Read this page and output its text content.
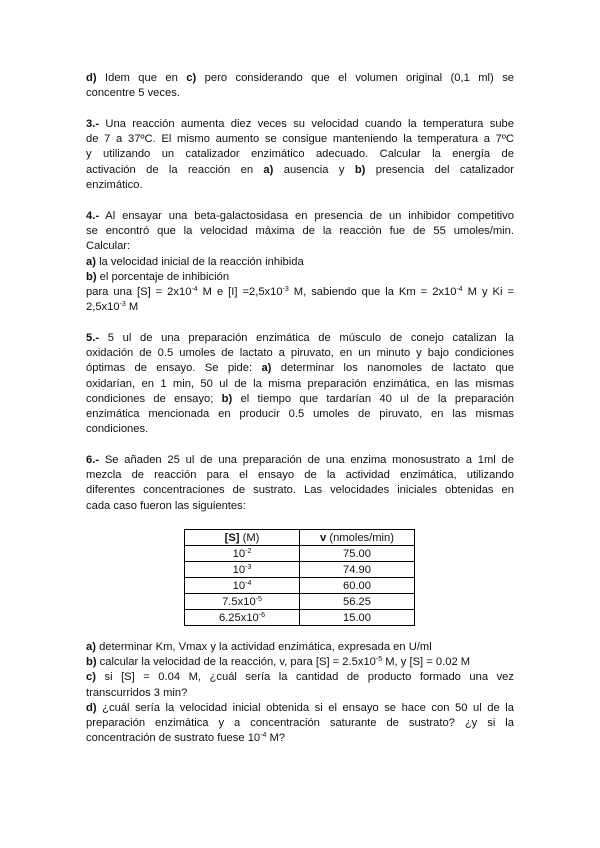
d) Idem que en c) pero considerando que el volumen original (0,1 ml) se
concentre 5 veces.
3.- Una reacción aumenta diez veces su velocidad cuando la temperatura sube
de 7 a 37ºC. El mismo aumento se consigue manteniendo la temperatura a 7ºC
y utilizando un catalizador enzimático adecuado. Calcular la energía de
activación de la reacción en a) ausencia y b) presencia del catalizador
enzimático.
4.- Al ensayar una beta-galactosidasa en presencia de un inhibidor competitivo
se encontró que la velocidad máxima de la reacción fue de 55 umoles/min.
Calcular:
a) la velocidad inicial de la reacción inhibida
b) el porcentaje de inhibición
para una $[S] = 2x10^{-4}$ M e $[I] =2,5x10^{-3}$ M, sabiendo que la $Km = 2x10^{-4}$ M y Ki =
$2,5x10^{-3}$ M
5.- 5 ul de una preparación enzimática de músculo de conejo catalizan la
oxidación de 0.5 umoles de lactato a piruvato, en un minuto y bajo condiciones
óptimas de ensayo. Se pide: a) determinar los nanomoles de lactato que
oxidarían, en 1 min, 50 ul de la misma preparación enzimática, en las mismas
condiciones de ensayo; b) el tiempo que tardarían 40 ul de la preparación
enzimática mencionada en producir 0.5 umoles de piruvato, en las mismas
condiciones.
6.- Se añaden 25 ul de una preparación de una enzima monosustrato a 1ml de
mezcla de reacción para el ensayo de la actividad enzimática, utilizando
diferentes concentraciones de sustrato. Las velocidades iniciales obtenidas en
cada caso fueron las siguientes:
[S] (M)	v (nmoles/min)
$10^{-2}$	75.00
$10^{-3}$	74.90
$10^{-4}$	60.00
$7.5x10^{-5}$	56.25
$6.25x10^{-6}$	15.00
a) determinar Km, Vmax y la actividad enzimática, expresada en U/ml
b) calcular la velocidad de la reacción, v, para $[S] = 2.5x10^{-5}$ M, y [S] = 0.02 M
c) si [S] = 0.04 M, ¿cuál sería la cantidad de producto formado una vez
transcurridos 3 min?
d) ¿cuál sería la velocidad inicial obtenida si el ensayo se hace con 50 ul de la
preparación enzimática y a concentración saturante de sustrato? ¿y si la
concentración de sustrato fuese $10^{-4}$ M?
